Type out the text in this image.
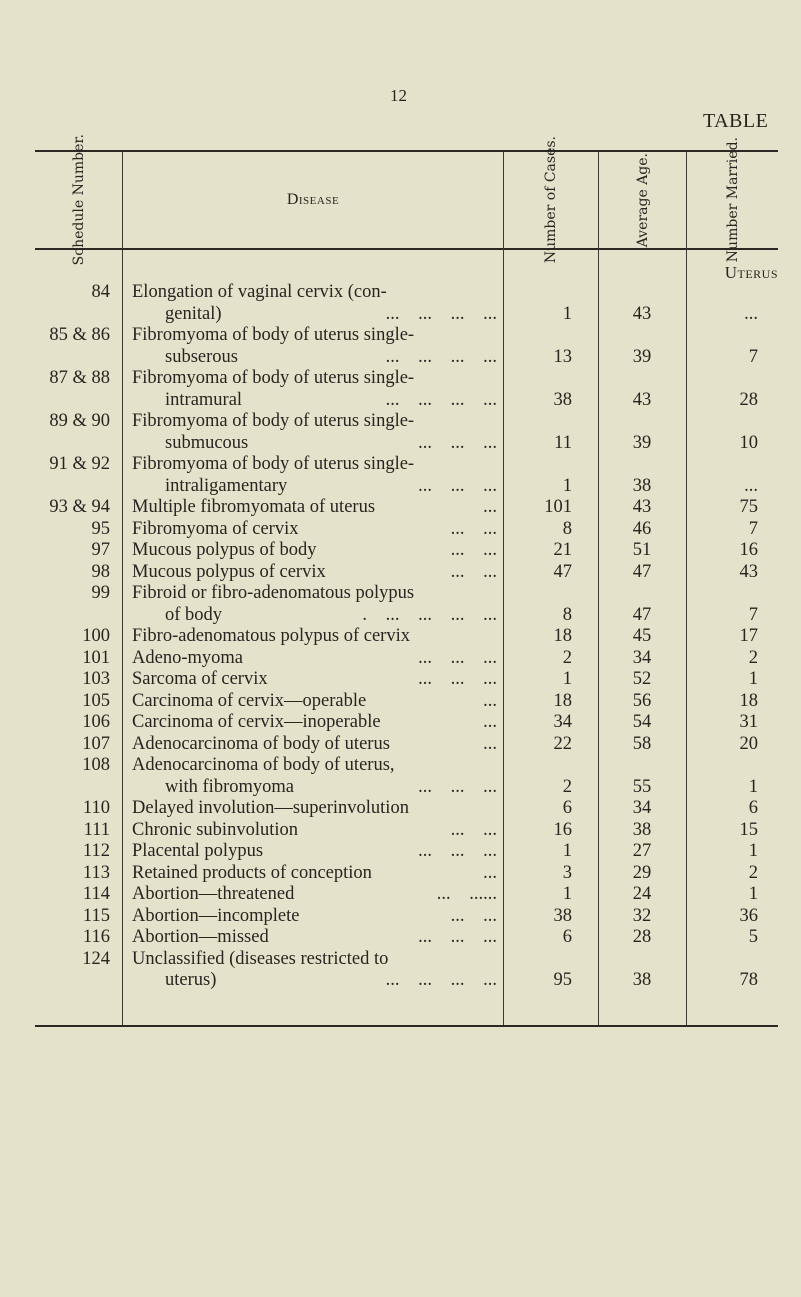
12
TABLE
Schedule Number.	Disease	Number of Cases.	Average Age.	Number Married.
Uterus
84	Elongation of vaginal cervix (con-
genital)	... ... ... ...	1	43	...
85 & 86	Fibromyoma of body of uterus single-
subserous	... ... ... ...	13	39	7
87 & 88	Fibromyoma of body of uterus single-
intramural	... ... ... ...	38	43	28
89 & 90	Fibromyoma of body of uterus single-
submucous	... ... ...	11	39	10
91 & 92	Fibromyoma of body of uterus single-
intraligamentary	... ... ...	1	38	...
93 & 94	Multiple fibromyomata of uterus	...	101	43	75
95	Fibromyoma of cervix	... ...	8	46	7
97	Mucous polypus of body	... ...	21	51	16
98	Mucous polypus of cervix	... ...	47	47	43
99	Fibroid or fibro-adenomatous polypus
of body	. ... ... ... ...	8	47	7
100	Fibro-adenomatous polypus of cervix	18	45	17
101	Adeno-myoma	... ... ...	2	34	2
103	Sarcoma of cervix	... ... ...	1	52	1
105	Carcinoma of cervix—operable	...	18	56	18
106	Carcinoma of cervix—inoperable	...	34	54	31
107	Adenocarcinoma of body of uterus	...	22	58	20
108	Adenocarcinoma of body of uterus,
with fibromyoma	... ... ...	2	55	1
110	Delayed involution—superinvolution	6	34	6
111	Chronic subinvolution	... ...	16	38	15
112	Placental polypus	... ... ...	1	27	1
113	Retained products of conception	...	3	29	2
114	Abortion—threatened	... ......	1	24	1
115	Abortion—incomplete	... ...	38	32	36
116	Abortion—missed	... ... ...	6	28	5
124	Unclassified (diseases restricted to
uterus)	... ... ... ...	95	38	78
